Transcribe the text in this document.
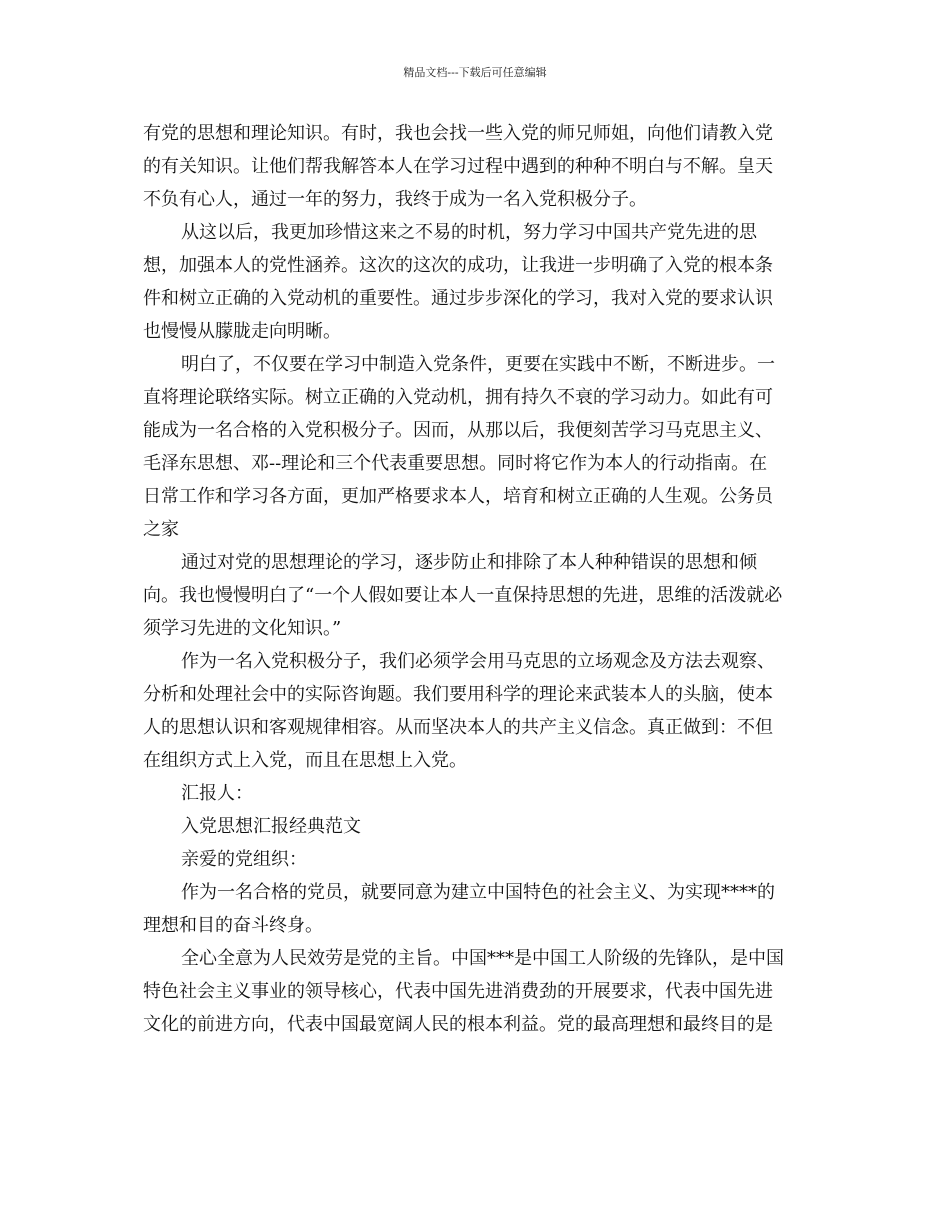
精品文档---下载后可任意编辑
有党的思想和理论知识。有时，我也会找一些入党的师兄师姐，向他们请教入党
的有关知识。让他们帮我解答本人在学习过程中遇到的种种不明白与不解。皇天
不负有心人，通过一年的努力，我终于成为一名入党积极分子。
从这以后，我更加珍惜这来之不易的时机，努力学习中国共产党先进的思
想，加强本人的党性涵养。这次的这次的成功，让我进一步明确了入党的根本条
件和树立正确的入党动机的重要性。通过步步深化的学习，我对入党的要求认识
也慢慢从朦胧走向明晰。
明白了，不仅要在学习中制造入党条件，更要在实践中不断，不断进步。一
直将理论联络实际。树立正确的入党动机，拥有持久不衰的学习动力。如此有可
能成为一名合格的入党积极分子。因而，从那以后，我便刻苦学习马克思主义、
毛泽东思想、邓--理论和三个代表重要思想。同时将它作为本人的行动指南。在
日常工作和学习各方面，更加严格要求本人，培育和树立正确的人生观。公务员
之家
通过对党的思想理论的学习，逐步防止和排除了本人种种错误的思想和倾
向。我也慢慢明白了“一个人假如要让本人一直保持思想的先进，思维的活泼就必
须学习先进的文化知识。”
作为一名入党积极分子，我们必须学会用马克思的立场观念及方法去观察、
分析和处理社会中的实际咨询题。我们要用科学的理论来武装本人的头脑，使本
人的思想认识和客观规律相容。从而坚决本人的共产主义信念。真正做到：不但
在组织方式上入党，而且在思想上入党。
汇报人：
入党思想汇报经典范文
亲爱的党组织：
作为一名合格的党员，就要同意为建立中国特色的社会主义、为实现****的
理想和目的奋斗终身。
全心全意为人民效劳是党的主旨。中国***是中国工人阶级的先锋队，是中国
特色社会主义事业的领导核心，代表中国先进消费劲的开展要求，代表中国先进
文化的前进方向，代表中国最宽阔人民的根本利益。党的最高理想和最终目的是
